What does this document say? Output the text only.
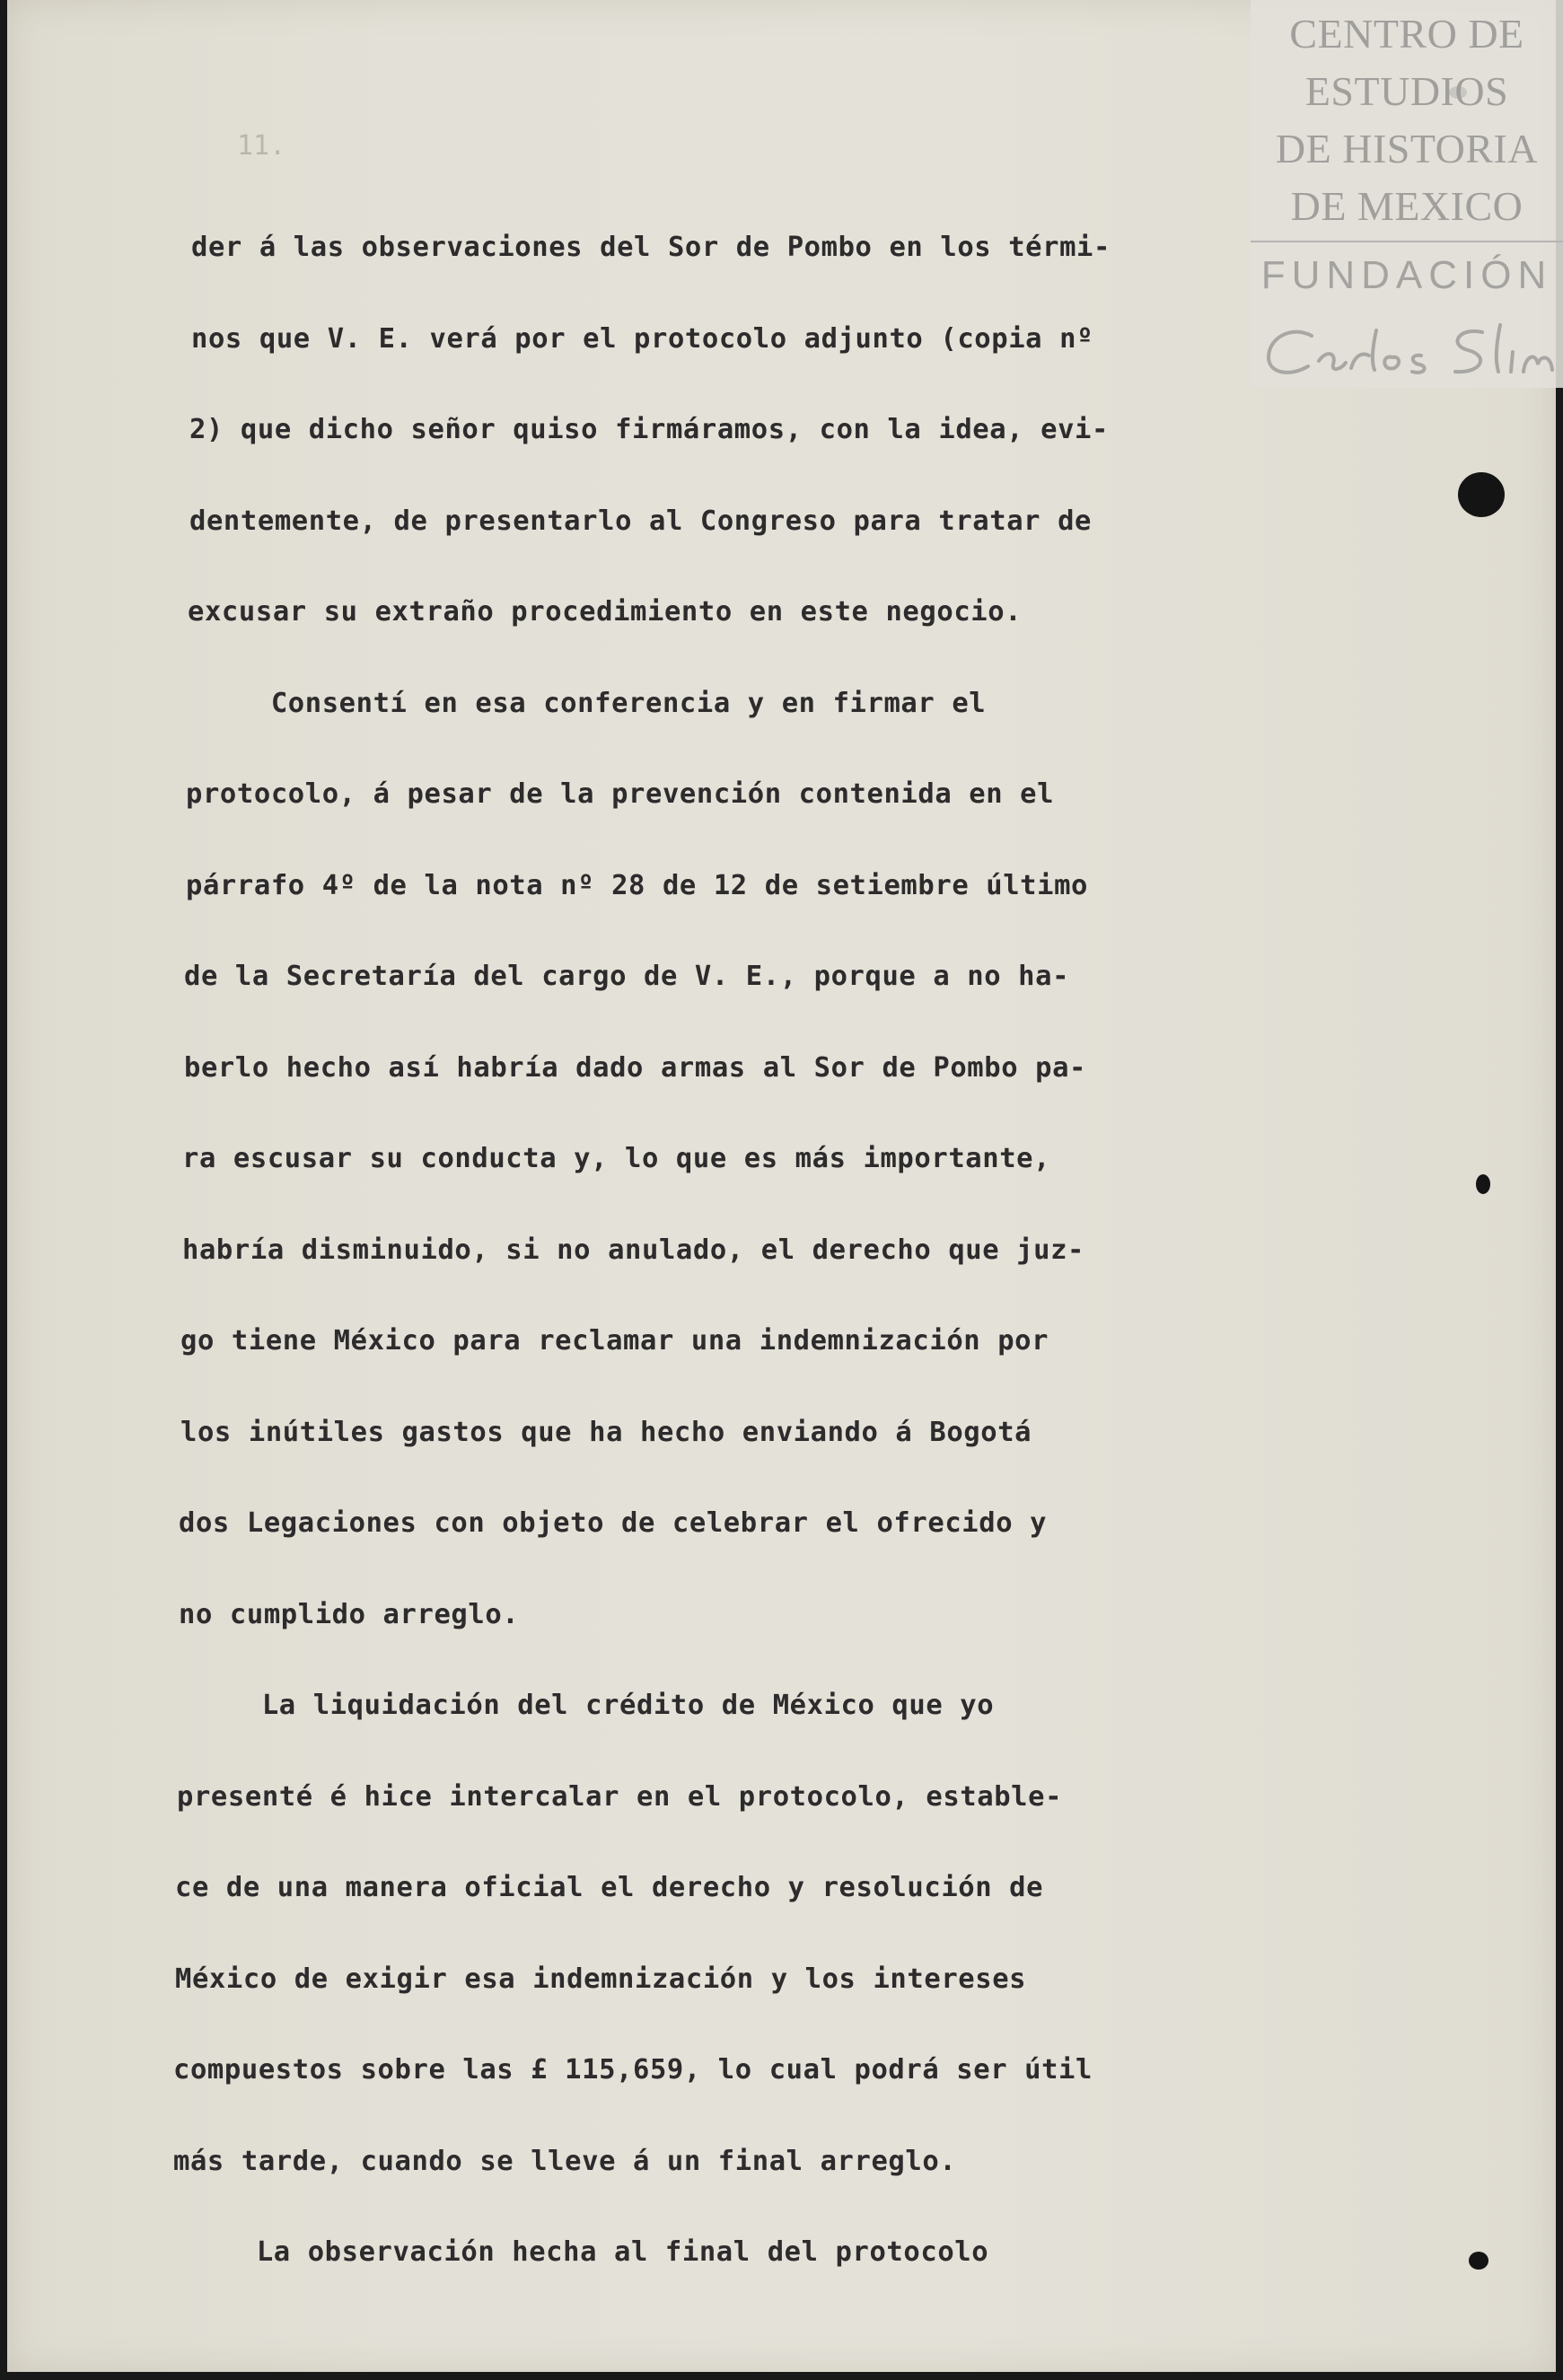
11.
der á las observaciones del Sor de Pombo en los térmi-
nos que V. E. verá por el protocolo adjunto (copia nº
2) que dicho señor quiso firmáramos, con la idea, evi-
dentemente, de presentarlo al Congreso para tratar de
excusar su extraño procedimiento en este negocio.
Consentí en esa conferencia y en firmar el
protocolo, á pesar de la prevención contenida en el
párrafo 4º de la nota nº 28 de 12 de setiembre último
de la Secretaría del cargo de V. E., porque a no ha-
berlo hecho así habría dado armas al Sor de Pombo pa-
ra escusar su conducta y, lo que es más importante,
habría disminuido, si no anulado, el derecho que juz-
go tiene México para reclamar una indemnización por
los inútiles gastos que ha hecho enviando á Bogotá
dos Legaciones con objeto de celebrar el ofrecido y
no cumplido arreglo.
La liquidación del crédito de México que yo
presenté é hice intercalar en el protocolo, estable-
ce de una manera oficial el derecho y resolución de
México de exigir esa indemnización y los intereses
compuestos sobre las £ 115,659, lo cual podrá ser útil
más tarde, cuando se lleve á un final arreglo.
La observación hecha al final del protocolo
CENTRO DE
ESTUDIOS
DE HISTORIA
DE MEXICO
FUNDACIÓN
